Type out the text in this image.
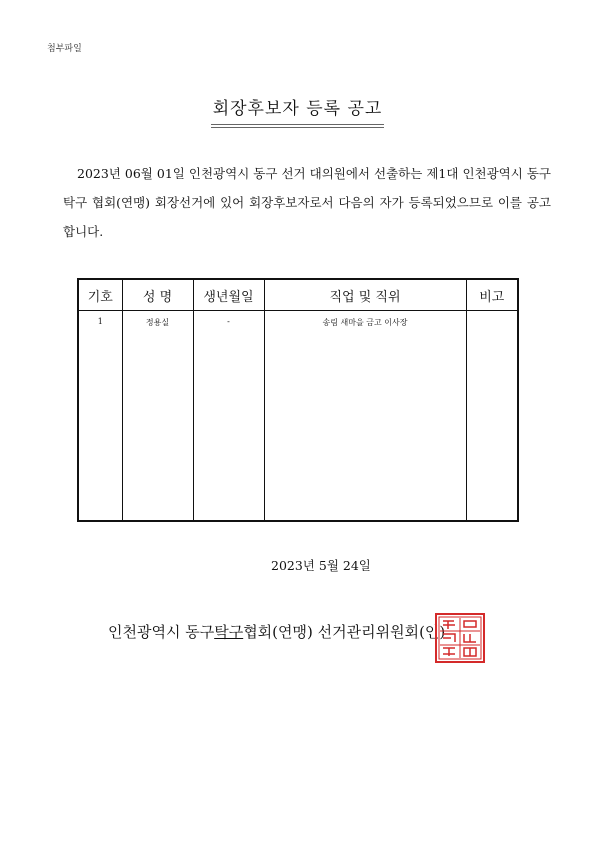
첨부파일
회장후보자 등록 공고
2023년 06월 01일 인천광역시 동구 선거 대의원에서 선출하는 제1대 인천광역시 동구 탁구 협회(연맹) 회장선거에 있어 회장후보자로서 다음의 자가 등록되었으므로 이를 공고 합니다.
기호	성 명	생년월일	직업 및 직위	비고
1	정용실	-	송림 새마을 금고 이사장	
2023년 5월 24일
인천광역시 동구탁구협회(연맹) 선거관리위원회(인)
